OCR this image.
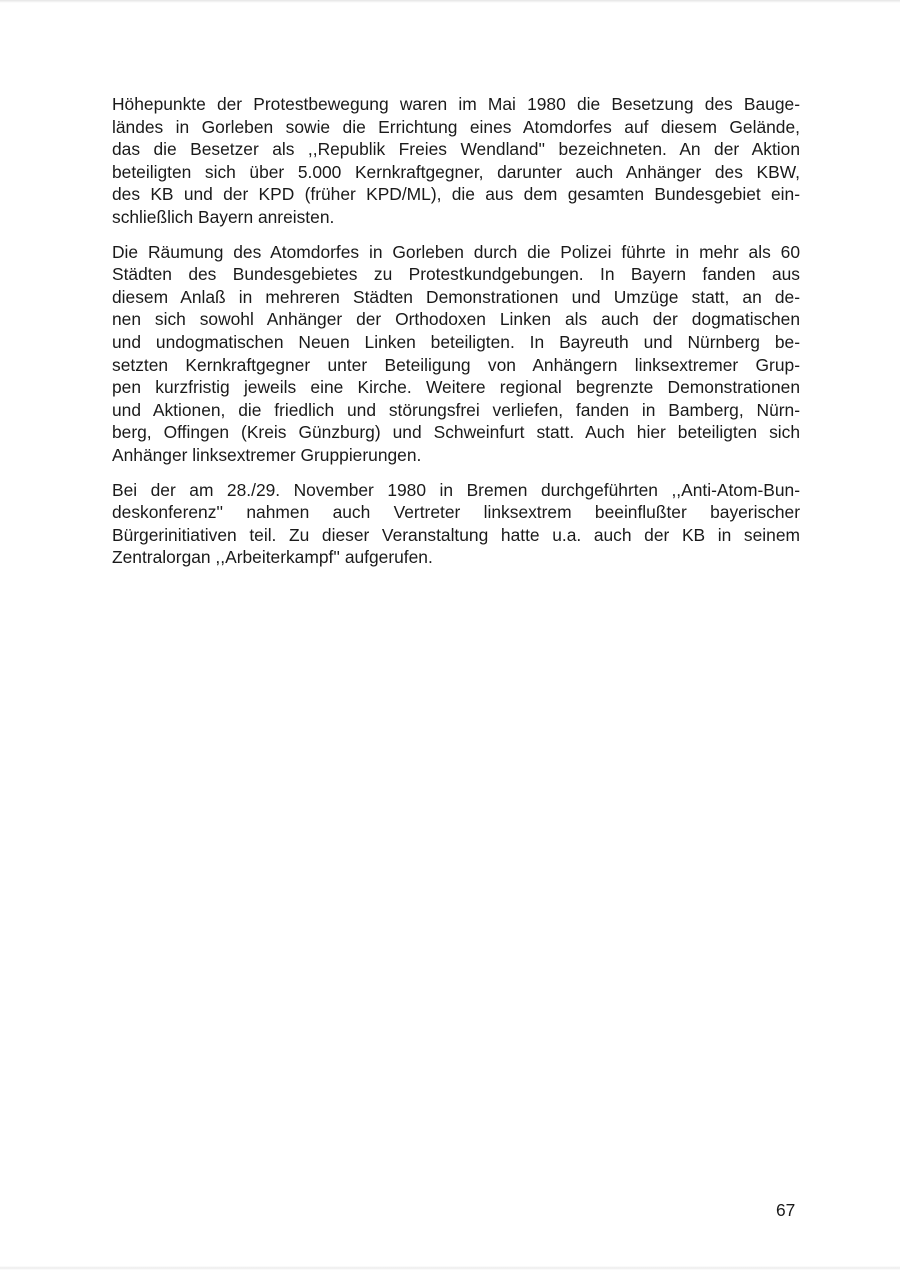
Höhepunkte der Protestbewegung waren im Mai 1980 die Besetzung des Bauge-
ländes in Gorleben sowie die Errichtung eines Atomdorfes auf diesem Gelände,
das die Besetzer als ,,Republik Freies Wendland'' bezeichneten. An der Aktion
beteiligten sich über 5.000 Kernkraftgegner, darunter auch Anhänger des KBW,
des KB und der KPD (früher KPD/ML), die aus dem gesamten Bundesgebiet ein-
schließlich Bayern anreisten.

Die Räumung des Atomdorfes in Gorleben durch die Polizei führte in mehr als 60
Städten des Bundesgebietes zu Protestkundgebungen. In Bayern fanden aus
diesem Anlaß in mehreren Städten Demonstrationen und Umzüge statt, an de-
nen sich sowohl Anhänger der Orthodoxen Linken als auch der dogmatischen
und undogmatischen Neuen Linken beteiligten. In Bayreuth und Nürnberg be-
setzten Kernkraftgegner unter Beteiligung von Anhängern linksextremer Grup-
pen kurzfristig jeweils eine Kirche. Weitere regional begrenzte Demonstrationen
und Aktionen, die friedlich und störungsfrei verliefen, fanden in Bamberg, Nürn-
berg, Offingen (Kreis Günzburg) und Schweinfurt statt. Auch hier beteiligten sich
Anhänger linksextremer Gruppierungen.

Bei der am 28./29. November 1980 in Bremen durchgeführten ,,Anti-Atom-Bun-
deskonferenz'' nahmen auch Vertreter linksextrem beeinflußter bayerischer
Bürgerinitiativen teil. Zu dieser Veranstaltung hatte u.a. auch der KB in seinem
Zentralorgan ,,Arbeiterkampf'' aufgerufen.

67
